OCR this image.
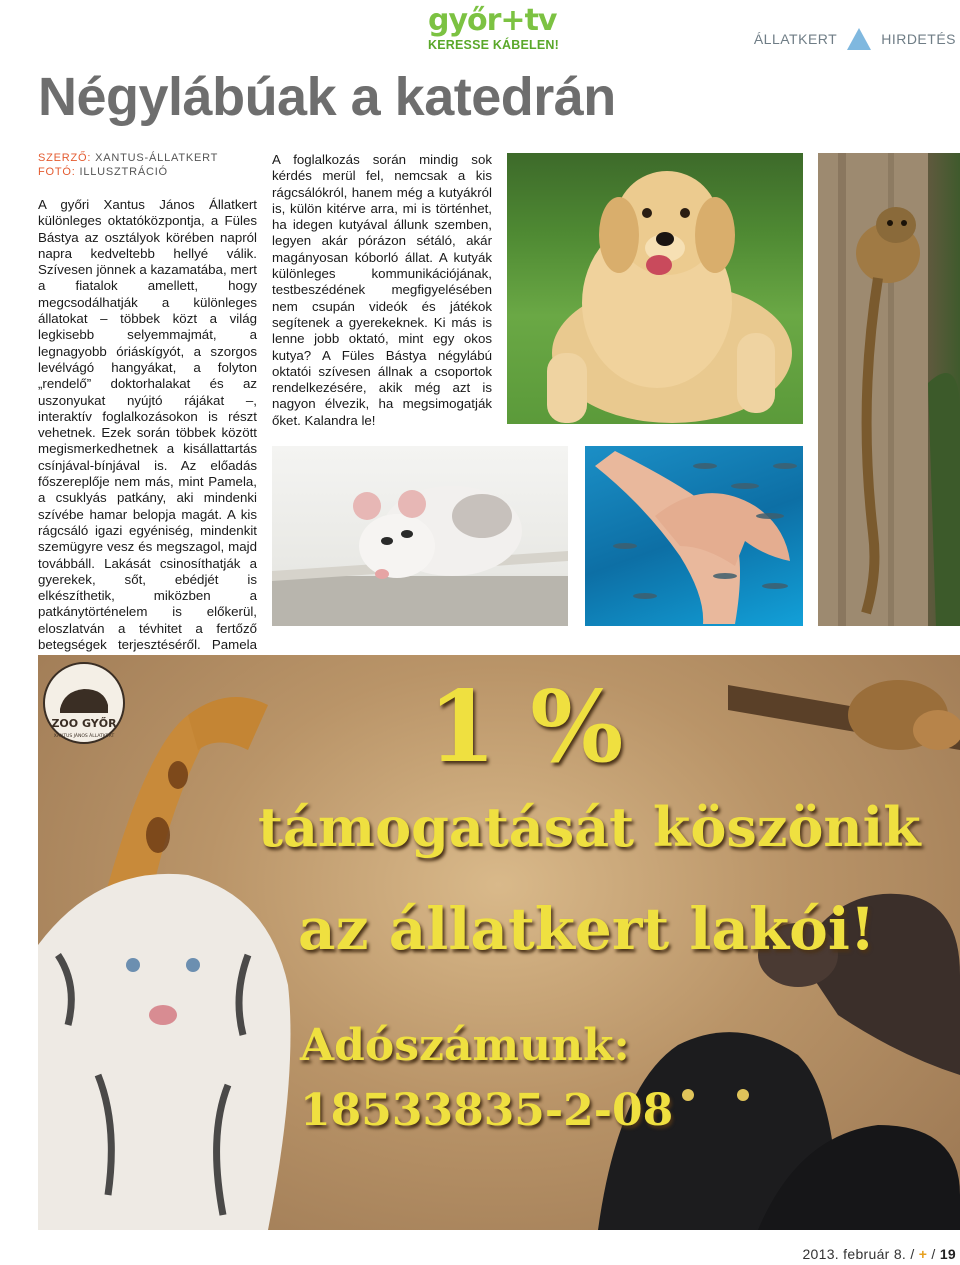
győr+tv
KERESSE KÁBELEN!	ÁLLATKERT	HIRDETÉS
Négylábúak a katedrán
SZERZŐ: XANTUS-ÁLLATKERT
FOTÓ: ILLUSZTRÁCIÓ
A győri Xantus János Állatkert különleges oktatóközpontja, a Füles Bástya az osztályok körében napról napra kedveltebb hellyé válik. Szívesen jönnek a kazamatába, mert a fiatalok amellett, hogy megcsodálhatják a különleges állatokat – többek közt a világ legkisebb selyemmajmát, a legnagyobb óriáskígyót, a szorgos levélvágó hangyákat, a folyton „rendelő” doktorhalakat és az uszonyukat nyújtó rájákat –, interaktív foglalkozásokon is részt vehetnek. Ezek során többek között megismerkedhetnek a kisállattartás csínjával-bínjával is. Az előadás főszereplője nem más, mint Pamela, a csuklyás patkány, aki mindenki szívébe hamar belopja magát. A kis rágcsáló igazi egyéniség, mindenkit szemügyre vesz és megszagol, majd továbbáll. Lakását csinosíthatják a gyerekek, sőt, ebédjét is elkészíthetik, miközben a patkánytörténelem is előkerül, eloszlatván a tévhitet a fertőző betegségek terjesztéséről. Pamela
A foglalkozás során mindig sok kérdés merül fel, nemcsak a kis rágcsálókról, hanem még a kutyákról is, külön kitérve arra, mi is történhet, ha idegen kutyával állunk szemben, legyen akár pórázon sétáló, akár magányosan kóborló állat. A kutyák különleges kommunikációjának, testbeszédének megfigyelésében nem csupán videók és játékok segítenek a gyerekeknek. Ki más is lenne jobb oktató, mint egy okos kutya? A Füles Bástya négylábú oktatói szívesen állnak a csoportok rendelkezésére, akik még azt is nagyon élvezik, ha megsimogatják őket. Kalandra le!
ZOO GYŐR
XANTUS JÁNOS ÁLLATKERT	1 %
támogatását köszönik
az állatkert lakói!
Adószámunk:
18533835-2-08
2013. február 8. / + / 19
